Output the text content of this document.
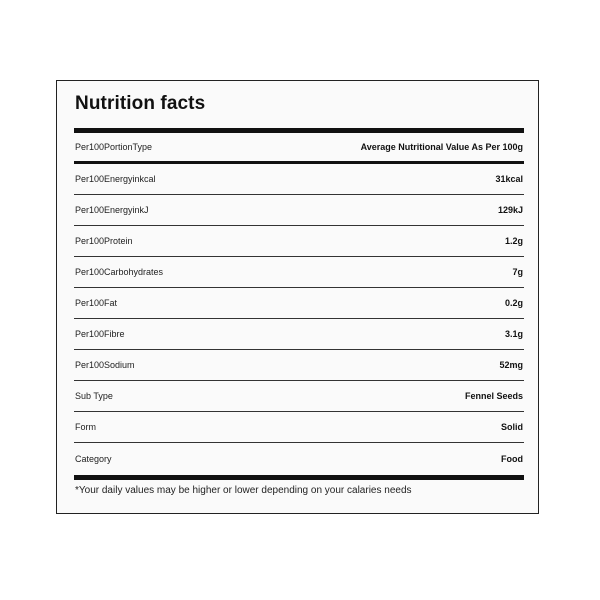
Nutrition facts
Per100PortionType	Average Nutritional Value As Per 100g
Per100Energyinkcal	31kcal
Per100EnergyinkJ	129kJ
Per100Protein	1.2g
Per100Carbohydrates	7g
Per100Fat	0.2g
Per100Fibre	3.1g
Per100Sodium	52mg
Sub Type	Fennel Seeds
Form	Solid
Category	Food
*Your daily values may be higher or lower depending on your calaries needs
